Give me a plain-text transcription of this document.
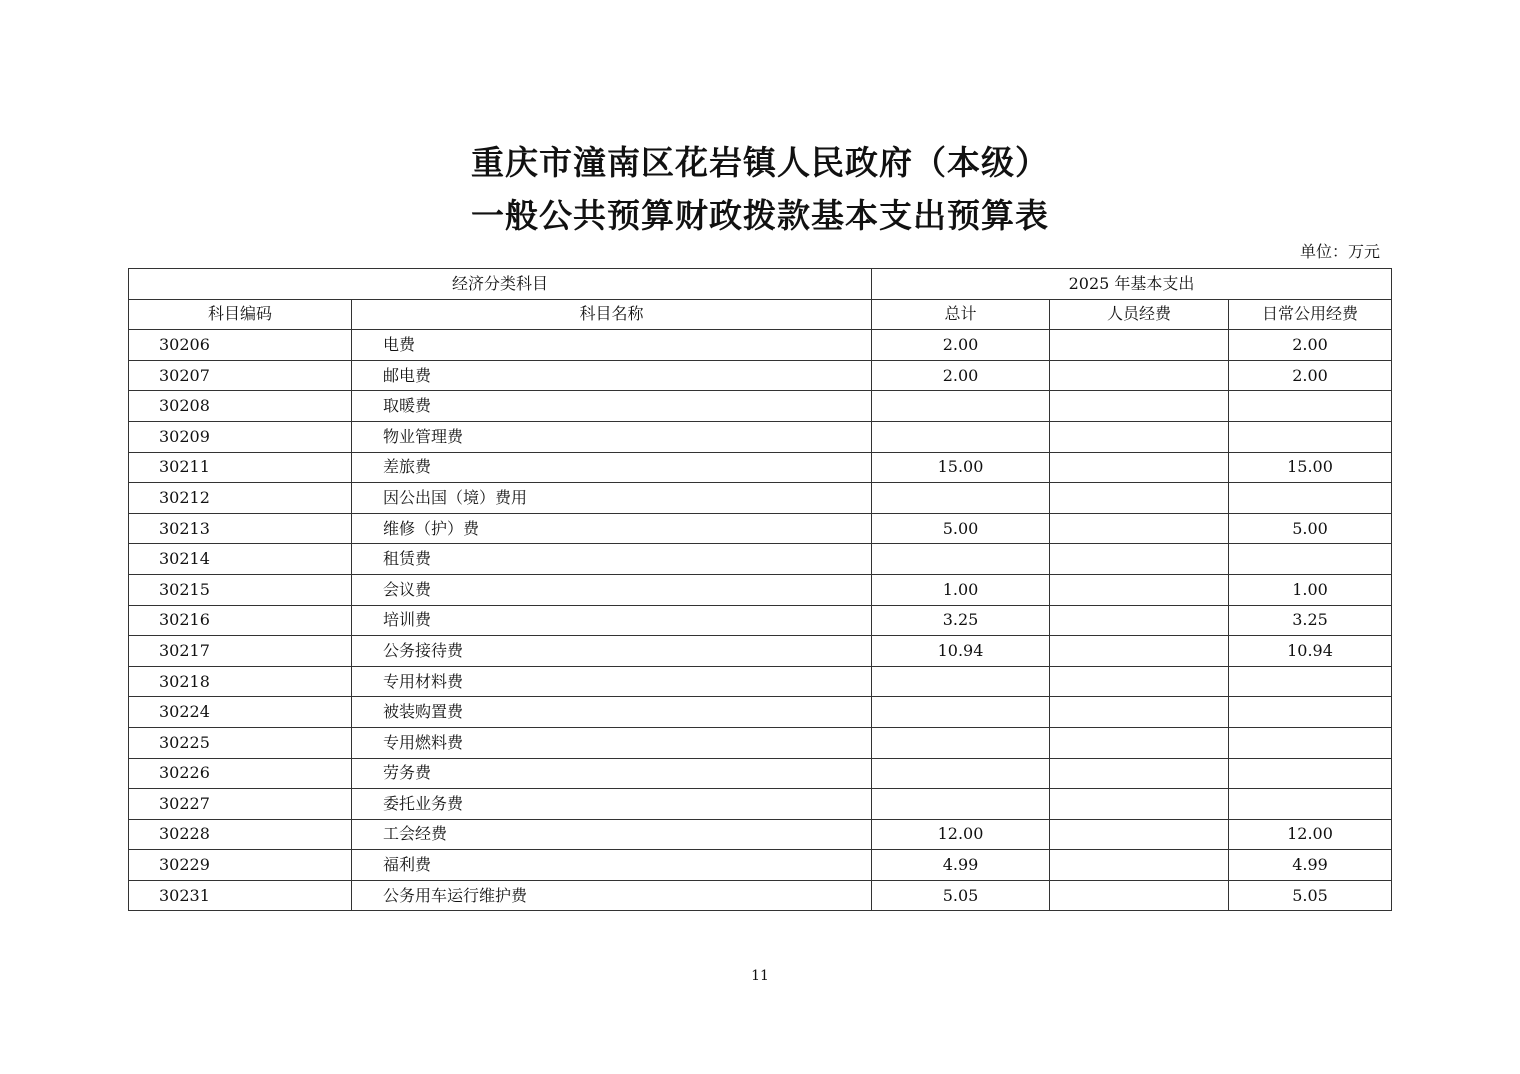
重庆市潼南区花岩镇人民政府（本级）
一般公共预算财政拨款基本支出预算表
单位：万元
经济分类科目		2025 年基本支出		
科目编码	科目名称	总计	人员经费	日常公用经费
30206	电费	2.00		2.00
30207	邮电费	2.00		2.00
30208	取暖费			
30209	物业管理费			
30211	差旅费	15.00		15.00
30212	因公出国（境）费用			
30213	维修（护）费	5.00		5.00
30214	租赁费			
30215	会议费	1.00		1.00
30216	培训费	3.25		3.25
30217	公务接待费	10.94		10.94
30218	专用材料费			
30224	被装购置费			
30225	专用燃料费			
30226	劳务费			
30227	委托业务费			
30228	工会经费	12.00		12.00
30229	福利费	4.99		4.99
30231	公务用车运行维护费	5.05		5.05
11
